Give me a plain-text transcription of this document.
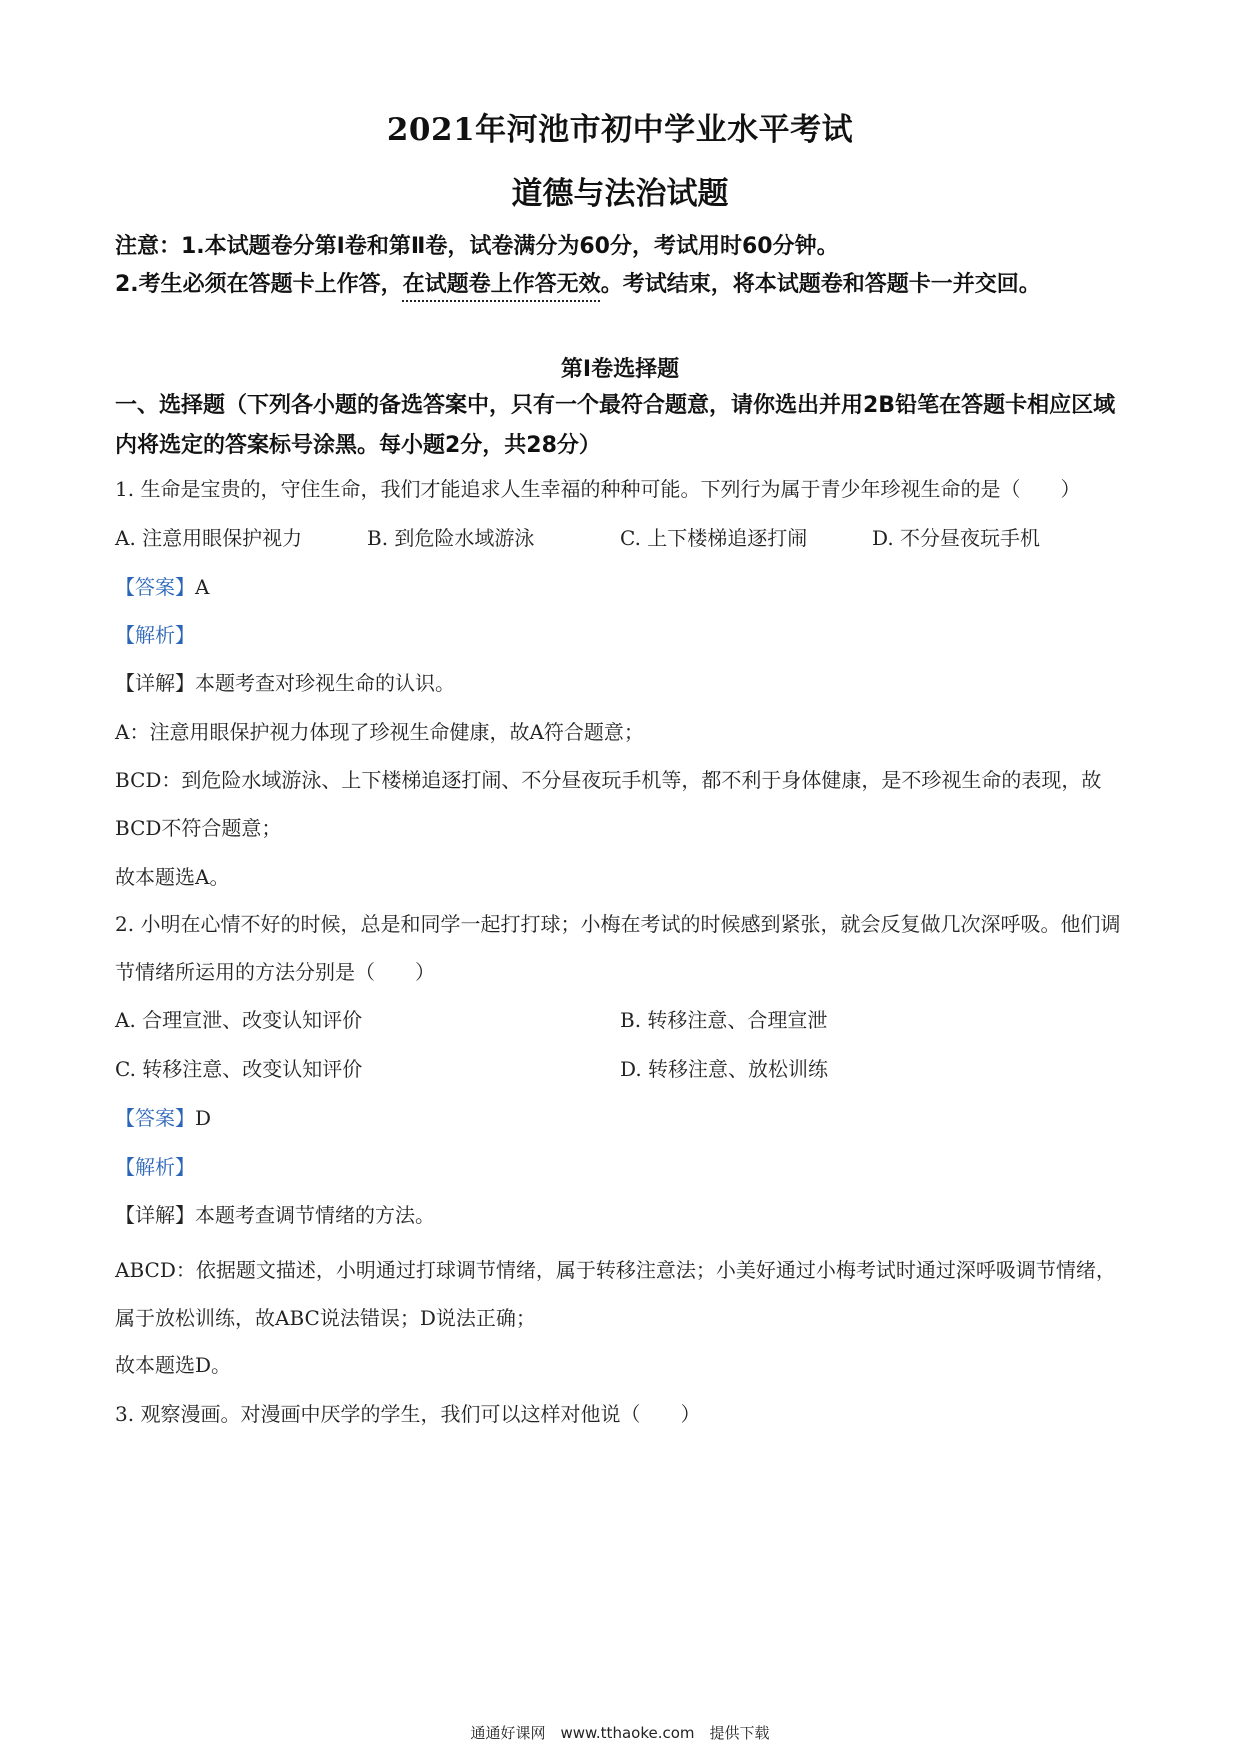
2021年河池市初中学业水平考试
道德与法治试题
注意：1.本试题卷分第Ⅰ卷和第Ⅱ卷，试卷满分为60分，考试用时60分钟。
2.考生必须在答题卡上作答，在试题卷上作答无效。考试结束，将本试题卷和答题卡一并交回。
第Ⅰ卷选择题
一、选择题（下列各小题的备选答案中，只有一个最符合题意，请你选出并用2B铅笔在答题卡相应区域内将选定的答案标号涂黑。每小题2分，共28分）
1. 生命是宝贵的，守住生命，我们才能追求人生幸福的种种可能。下列行为属于青少年珍视生命的是（　　）
A. 注意用眼保护视力	B. 到危险水域游泳	C. 上下楼梯追逐打闹	D. 不分昼夜玩手机
【答案】A
【解析】
【详解】本题考查对珍视生命的认识。
A：注意用眼保护视力体现了珍视生命健康，故A符合题意；
BCD：到危险水域游泳、上下楼梯追逐打闹、不分昼夜玩手机等，都不利于身体健康，是不珍视生命的表现，故BCD不符合题意；
故本题选A。
2. 小明在心情不好的时候，总是和同学一起打打球；小梅在考试的时候感到紧张，就会反复做几次深呼吸。他们调节情绪所运用的方法分别是（　　）
A. 合理宣泄、改变认知评价	B. 转移注意、合理宣泄
C. 转移注意、改变认知评价	D. 转移注意、放松训练
【答案】D
【解析】
【详解】本题考查调节情绪的方法。
ABCD：依据题文描述，小明通过打球调节情绪，属于转移注意法；小美好通过小梅考试时通过深呼吸调节情绪，属于放松训练，故ABC说法错误；D说法正确；
故本题选D。
3. 观察漫画。对漫画中厌学的学生，我们可以这样对他说（　　）
通通好课网　www.tthaoke.com　提供下载
